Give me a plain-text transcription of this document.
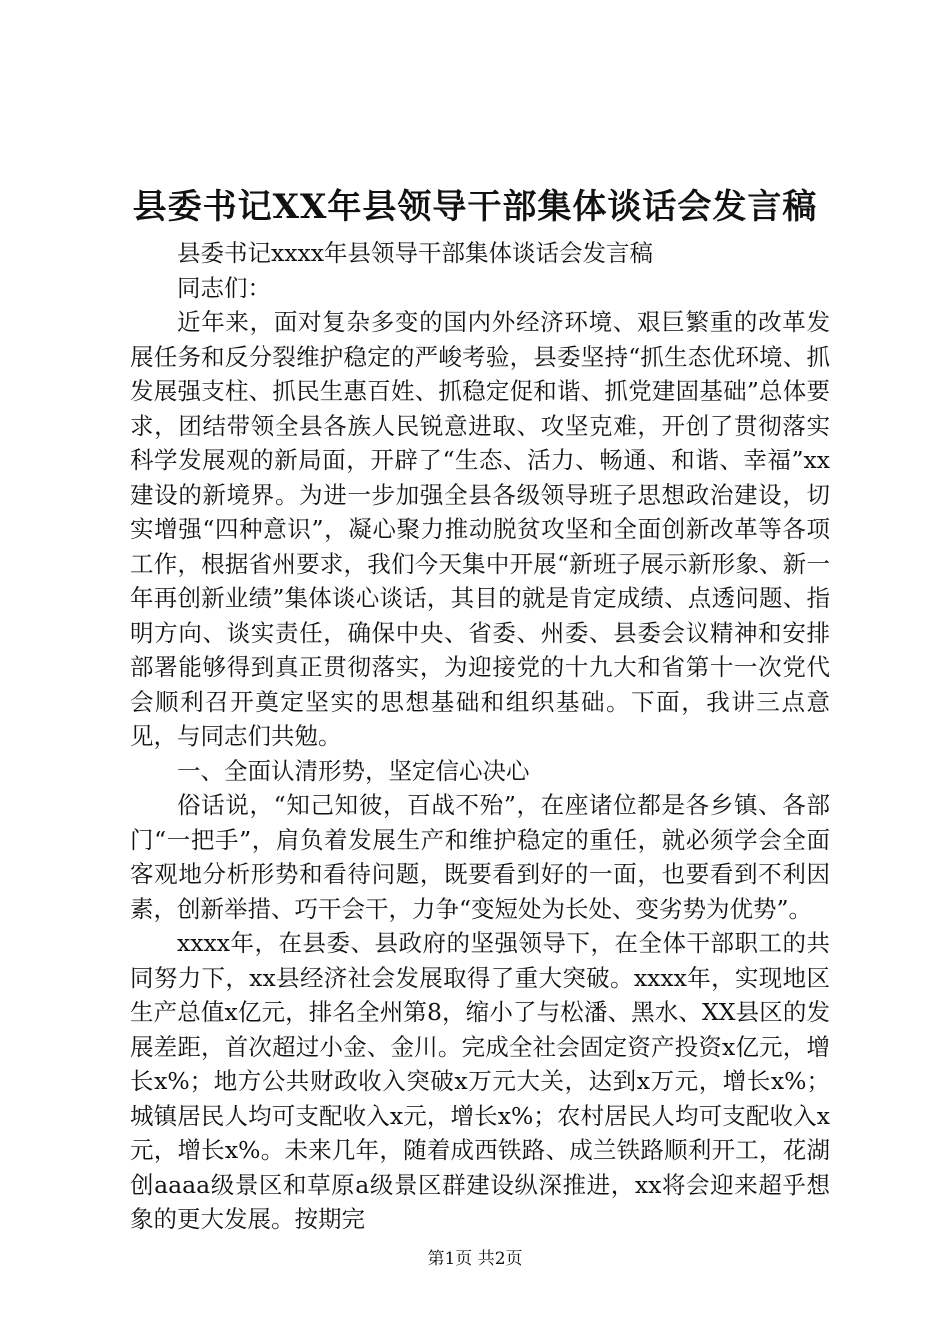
县委书记XX年县领导干部集体谈话会发言稿

县委书记xxxx年县领导干部集体谈话会发言稿

同志们：

近年来，面对复杂多变的国内外经济环境、艰巨繁重的改革发展任务和反分裂维护稳定的严峻考验，县委坚持“抓生态优环境、抓发展强支柱、抓民生惠百姓、抓稳定促和谐、抓党建固基础”总体要求，团结带领全县各族人民锐意进取、攻坚克难，开创了贯彻落实科学发展观的新局面，开辟了“生态、活力、畅通、和谐、幸福”xx建设的新境界。为进一步加强全县各级领导班子思想政治建设，切实增强“四种意识”，凝心聚力推动脱贫攻坚和全面创新改革等各项工作，根据省州要求，我们今天集中开展“新班子展示新形象、新一年再创新业绩”集体谈心谈话，其目的就是肯定成绩、点透问题、指明方向、谈实责任，确保中央、省委、州委、县委会议精神和安排部署能够得到真正贯彻落实，为迎接党的十九大和省第十一次党代会顺利召开奠定坚实的思想基础和组织基础。下面，我讲三点意见，与同志们共勉。

一、全面认清形势，坚定信心决心

俗话说，“知己知彼，百战不殆”，在座诸位都是各乡镇、各部门“一把手”，肩负着发展生产和维护稳定的重任，就必须学会全面客观地分析形势和看待问题，既要看到好的一面，也要看到不利因素，创新举措、巧干会干，力争“变短处为长处、变劣势为优势”。

xxxx年，在县委、县政府的坚强领导下，在全体干部职工的共同努力下，xx县经济社会发展取得了重大突破。xxxx年，实现地区生产总值x亿元，排名全州第8，缩小了与松潘、黑水、XX县区的发展差距，首次超过小金、金川。完成全社会固定资产投资x亿元，增长x%；地方公共财政收入突破x万元大关，达到x万元，增长x%；城镇居民人均可支配收入x元，增长x%；农村居民人均可支配收入x元，增长x%。未来几年，随着成西铁路、成兰铁路顺利开工，花湖创aaaa级景区和草原a级景区群建设纵深推进，xx将会迎来超乎想象的更大发展。按期完

第1页 共2页
